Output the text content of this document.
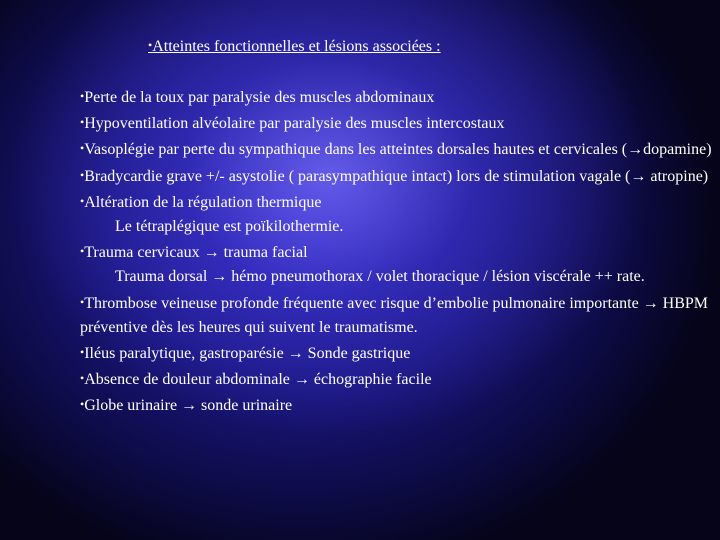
•Atteintes fonctionnelles et lésions associées :

•Perte de la toux par paralysie des muscles abdominaux

•Hypoventilation alvéolaire par paralysie des muscles intercostaux

•Vasoplégie par perte du sympathique dans les atteintes dorsales hautes et cervicales (→dopamine)

•Bradycardie grave +/- asystolie ( parasympathique intact) lors de stimulation vagale (→ atropine)

•Altération de la régulation thermique

Le tétraplégique est poïkilothermie.

•Trauma cervicaux → trauma facial

Trauma dorsal → hémo pneumothorax / volet thoracique / lésion viscérale ++ rate.

•Thrombose veineuse profonde fréquente avec risque d’embolie pulmonaire importante → HBPM préventive dès les heures qui suivent le traumatisme.

•Iléus paralytique, gastroparésie → Sonde gastrique

•Absence de douleur abdominale → échographie facile

•Globe urinaire → sonde urinaire
